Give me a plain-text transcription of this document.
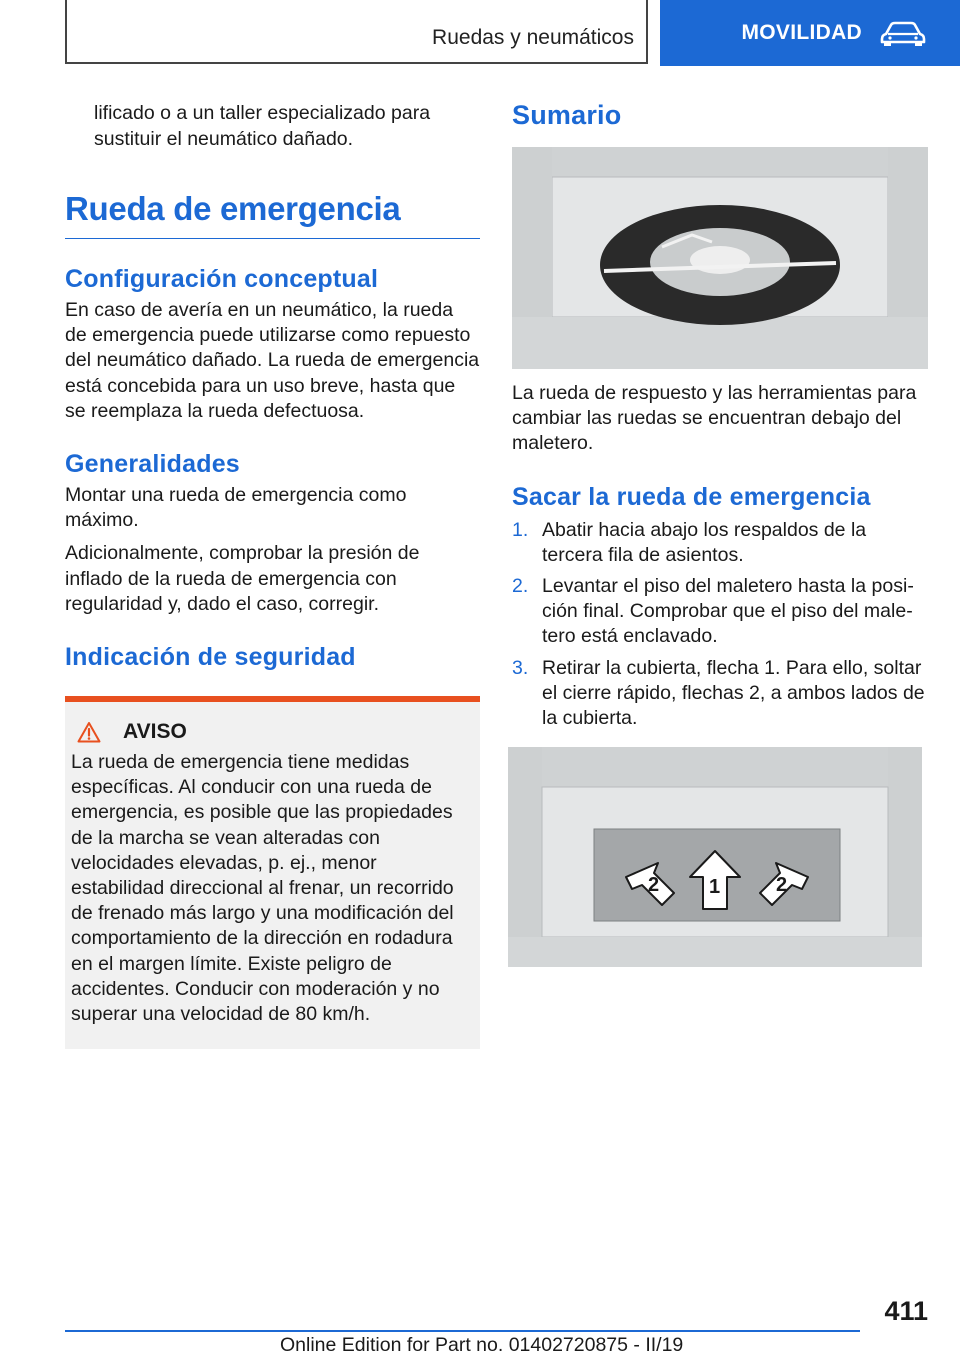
Ruedas y neumáticos	MOVILIDAD

lificado o a un taller especializado para sustituir el neumático dañado.

Rueda de emergencia
Configuración conceptual

En caso de avería en un neumático, la rueda de emergencia puede utilizarse como repuesto del neumático dañado. La rueda de emergencia está concebida para un uso breve, hasta que se reemplaza la rueda defectuosa.

Generalidades

Montar una rueda de emergencia como máximo.

Adicionalmente, comprobar la presión de inflado de la rueda de emergencia con regularidad y, dado el caso, corregir.

Indicación de seguridad
AVISO

La rueda de emergencia tiene medidas específicas. Al conducir con una rueda de emergencia, es posible que las propiedades de la marcha se vean alteradas con velocidades elevadas, p. ej., menor estabilidad direccional al frenar, un recorrido de frenado más largo y una modificación del comportamiento de la dirección en rodadura en el margen límite. Existe peligro de accidentes. Conducir con moderación y no superar una velocidad de 80 km/h.

Sumario

La rueda de respuesto y las herramientas para cambiar las ruedas se encuentran debajo del maletero.

Sacar la rueda de emergencia
1. Abatir hacia abajo los respaldos de la tercera fila de asientos.
2. Levantar el piso del maletero hasta la posición final. Comprobar que el piso del maletero está enclavado.
3. Retirar la cubierta, flecha 1. Para ello, soltar el cierre rápido, flechas 2, a ambos lados de la cubierta.
2 1	2
411
Online Edition for Part no. 01402720875 - II/19
